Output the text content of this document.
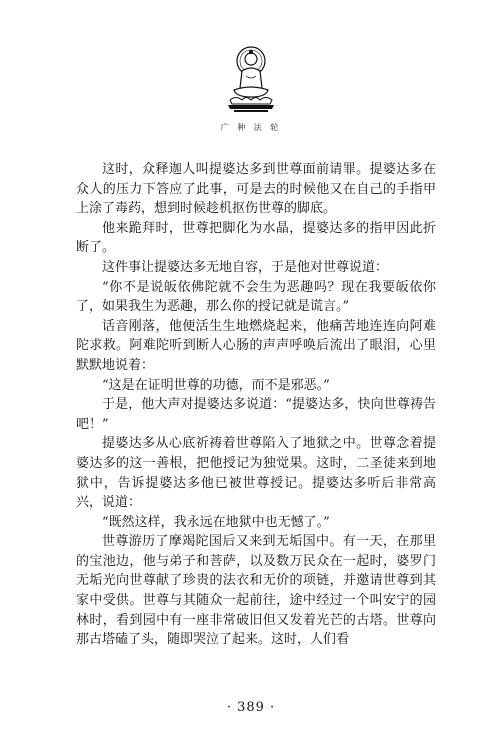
广 种 法 轮

这时，众释迦人叫提婆达多到世尊面前请罪。提婆达多在众人的压力下答应了此事，可是去的时候他又在自己的手指甲上涂了毒药，想到时候趁机抠伤世尊的脚底。

他来跪拜时，世尊把脚化为水晶，提婆达多的指甲因此折断了。

这件事让提婆达多无地自容，于是他对世尊说道：

“你不是说皈依佛陀就不会生为恶趣吗？现在我要皈依你了，如果我生为恶趣，那么你的授记就是谎言。”

话音刚落，他便活生生地燃烧起来，他痛苦地连连向阿难陀求救。阿难陀听到断人心肠的声声呼唤后流出了眼泪，心里默默地说着：

“这是在证明世尊的功德，而不是邪恶。”

于是，他大声对提婆达多说道：“提婆达多，快向世尊祷告吧！”

提婆达多从心底祈祷着世尊陷入了地狱之中。世尊念着提婆达多的这一善根，把他授记为独觉果。这时，二圣徒来到地狱中，告诉提婆达多他已被世尊授记。提婆达多听后非常高兴，说道：

“既然这样，我永远在地狱中也无憾了。”

世尊游历了摩竭陀国后又来到无垢国中。有一天，在那里的宝池边，他与弟子和菩萨，以及数万民众在一起时，婆罗门无垢光向世尊献了珍贵的法衣和无价的项链，并邀请世尊到其家中受供。世尊与其随众一起前往，途中经过一个叫安宁的园林时，看到园中有一座非常破旧但又发着光芒的古塔。世尊向那古塔磕了头，随即哭泣了起来。这时，人们看

· 389 ·
